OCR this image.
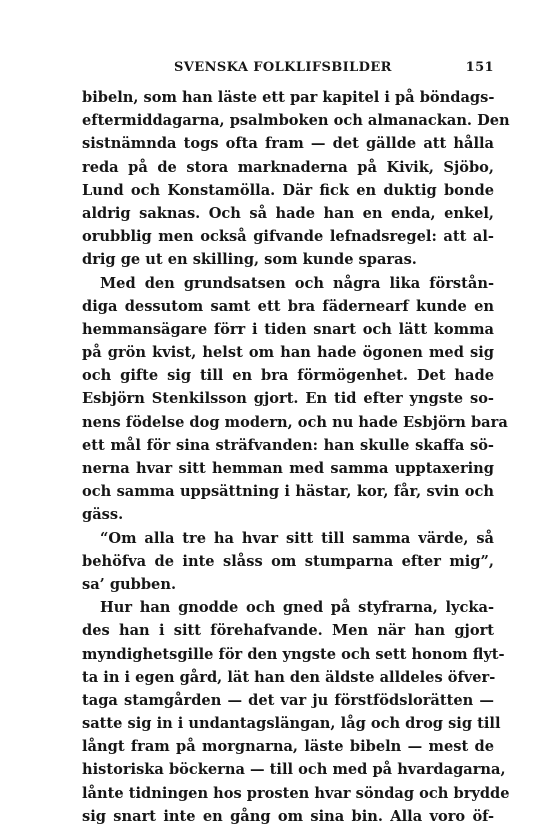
SVENSKA FOLKLIFSBILDER	151
bibeln, som han läste ett par kapitel i på böndags-
eftermiddagarna, psalmboken och almanackan. Den
sistnämnda togs ofta fram — det gällde att hålla
reda på de stora marknaderna på Kivik, Sjöbo,
Lund och Konstamölla. Där fick en duktig bonde
aldrig saknas. Och så hade han en enda, enkel,
orubblig men också gifvande lefnadsregel: att al-
drig ge ut en skilling, som kunde sparas.
Med den grundsatsen och några lika förstån-
diga dessutom samt ett bra fädernearf kunde en
hemmansägare förr i tiden snart och lätt komma
på grön kvist, helst om han hade ögonen med sig
och gifte sig till en bra förmögenhet. Det hade
Esbjörn Stenkilsson gjort. En tid efter yngste so-
nens födelse dog modern, och nu hade Esbjörn bara
ett mål för sina sträfvanden: han skulle skaffa sö-
nerna hvar sitt hemman med samma upptaxering
och samma uppsättning i hästar, kor, får, svin och
gäss.
“Om alla tre ha hvar sitt till samma värde, så
behöfva de inte slåss om stumparna efter mig”,
sa’ gubben.
Hur han gnodde och gned på styfrarna, lycka-
des han i sitt förehafvande. Men när han gjort
myndighetsgille för den yngste och sett honom flyt-
ta in i egen gård, lät han den äldste alldeles öfver-
taga stamgården — det var ju förstfödslorätten —
satte sig in i undantagslängan, låg och drog sig till
långt fram på morgnarna, läste bibeln — mest de
historiska böckerna — till och med på hvardagarna,
lånte tidningen hos prosten hvar söndag och brydde
sig snart inte en gång om sina bin. Alla voro öf-
